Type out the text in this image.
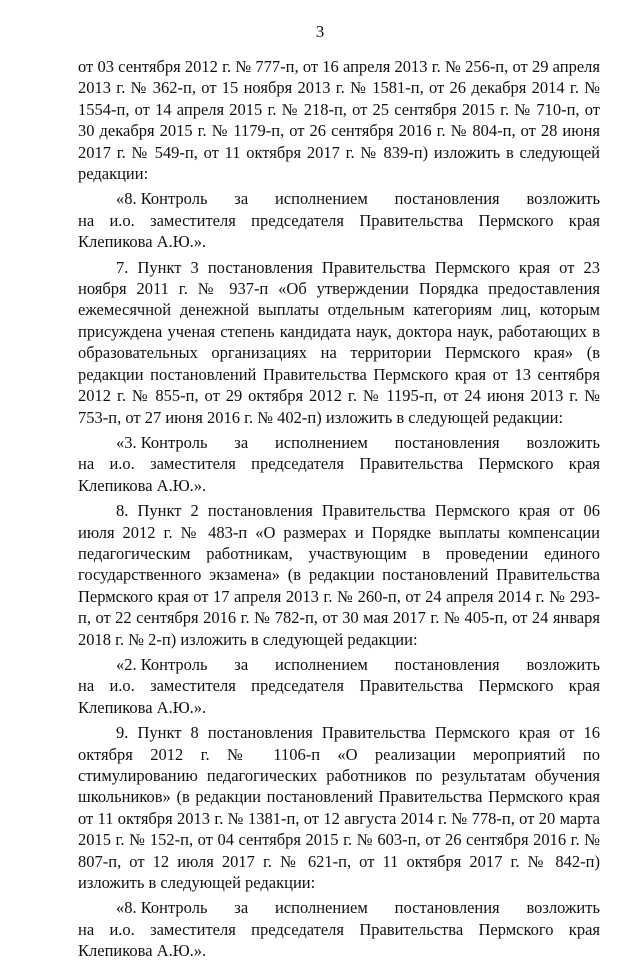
3

от 03 сентября 2012 г. № 777-п, от 16 апреля 2013 г. № 256-п, от 29 апреля 2013 г. № 362-п, от 15 ноября 2013 г. № 1581-п, от 26 декабря 2014 г. № 1554-п, от 14 апреля 2015 г. № 218-п, от 25 сентября 2015 г. № 710-п, от 30 декабря 2015 г. № 1179-п, от 26 сентября 2016 г. № 804-п, от 28 июня 2017 г. № 549-п, от 11 октября 2017 г. № 839-п) изложить в следующей редакции:

«8. Контроль за исполнением постановления возложить
на и.о. заместителя председателя Правительства Пермского края

Клепикова А.Ю.».

7. Пункт 3 постановления Правительства Пермского края от 23 ноября 2011 г. № 937-п «Об утверждении Порядка предоставления ежемесячной денежной выплаты отдельным категориям лиц, которым присуждена ученая степень кандидата наук, доктора наук, работающих в образовательных организациях на территории Пермского края» (в редакции постановлений Правительства Пермского края от 13 сентября 2012 г. № 855-п, от 29 октября 2012 г. № 1195-п, от 24 июня 2013 г. № 753-п, от 27 июня 2016 г. № 402-п) изложить в следующей редакции:

«3. Контроль за исполнением постановления возложить
на и.о. заместителя председателя Правительства Пермского края

Клепикова А.Ю.».

8. Пункт 2 постановления Правительства Пермского края от 06 июля 2012 г. № 483-п «О размерах и Порядке выплаты компенсации педагогическим работникам, участвующим в проведении единого государственного экзамена» (в редакции постановлений Правительства Пермского края от 17 апреля 2013 г. № 260-п, от 24 апреля 2014 г. № 293-п, от 22 сентября 2016 г. № 782-п, от 30 мая 2017 г. № 405-п, от 24 января 2018 г. № 2-п) изложить в следующей редакции:

«2. Контроль за исполнением постановления возложить
на и.о. заместителя председателя Правительства Пермского края

Клепикова А.Ю.».

9. Пункт 8 постановления Правительства Пермского края от 16 октября 2012 г. № 1106-п «О реализации мероприятий по стимулированию педагогических работников по результатам обучения школьников» (в редакции постановлений Правительства Пермского края от 11 октября 2013 г. № 1381-п, от 12 августа 2014 г. № 778-п, от 20 марта 2015 г. № 152-п, от 04 сентября 2015 г. № 603-п, от 26 сентября 2016 г. № 807-п, от 12 июля 2017 г. № 621-п, от 11 октября 2017 г. № 842-п) изложить в следующей редакции:

«8. Контроль за исполнением постановления возложить
на и.о. заместителя председателя Правительства Пермского края

Клепикова А.Ю.».
